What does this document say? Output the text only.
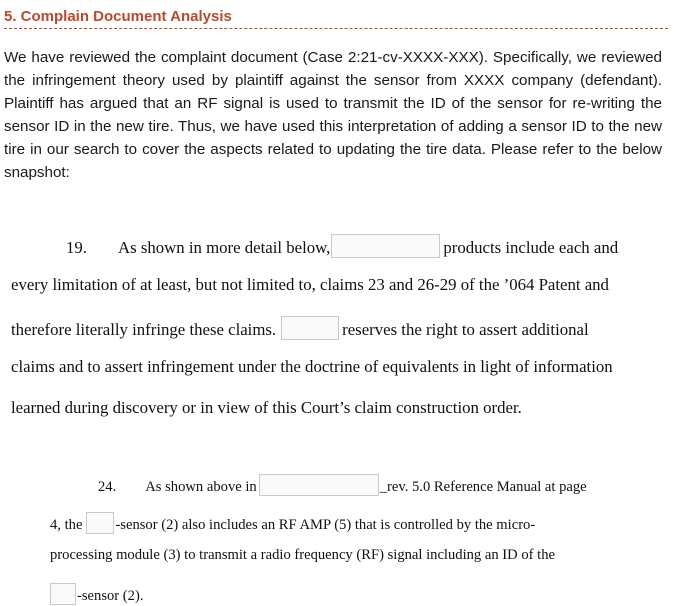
5. Complain Document Analysis

We have reviewed the complaint document (Case 2:21-cv-XXXX-XXX). Specifically, we reviewed the infringement theory used by plaintiff against the sensor from XXXX company (defendant). Plaintiff has argued that an RF signal is used to transmit the ID of the sensor for re-writing the sensor ID in the new tire. Thus, we have used this interpretation of adding a sensor ID to the new tire in our search to cover the aspects related to updating the tire data. Please refer to the below snapshot:

19. As shown in more detail below,	products include each and
every limitation of at least, but not limited to, claims 23 and 26-29 of the ’064 Patent and
therefore literally infringe these claims.	reserves the right to assert additional
claims and to assert infringement under the doctrine of equivalents in light of information
learned during discovery or in view of this Court’s claim construction order.
24. As shown above in	_rev. 5.0 Reference Manual at page
4, the -sensor (2) also includes an RF AMP (5) that is controlled by the micro-
processing module (3) to transmit a radio frequency (RF) signal including an ID of the
-sensor (2).
